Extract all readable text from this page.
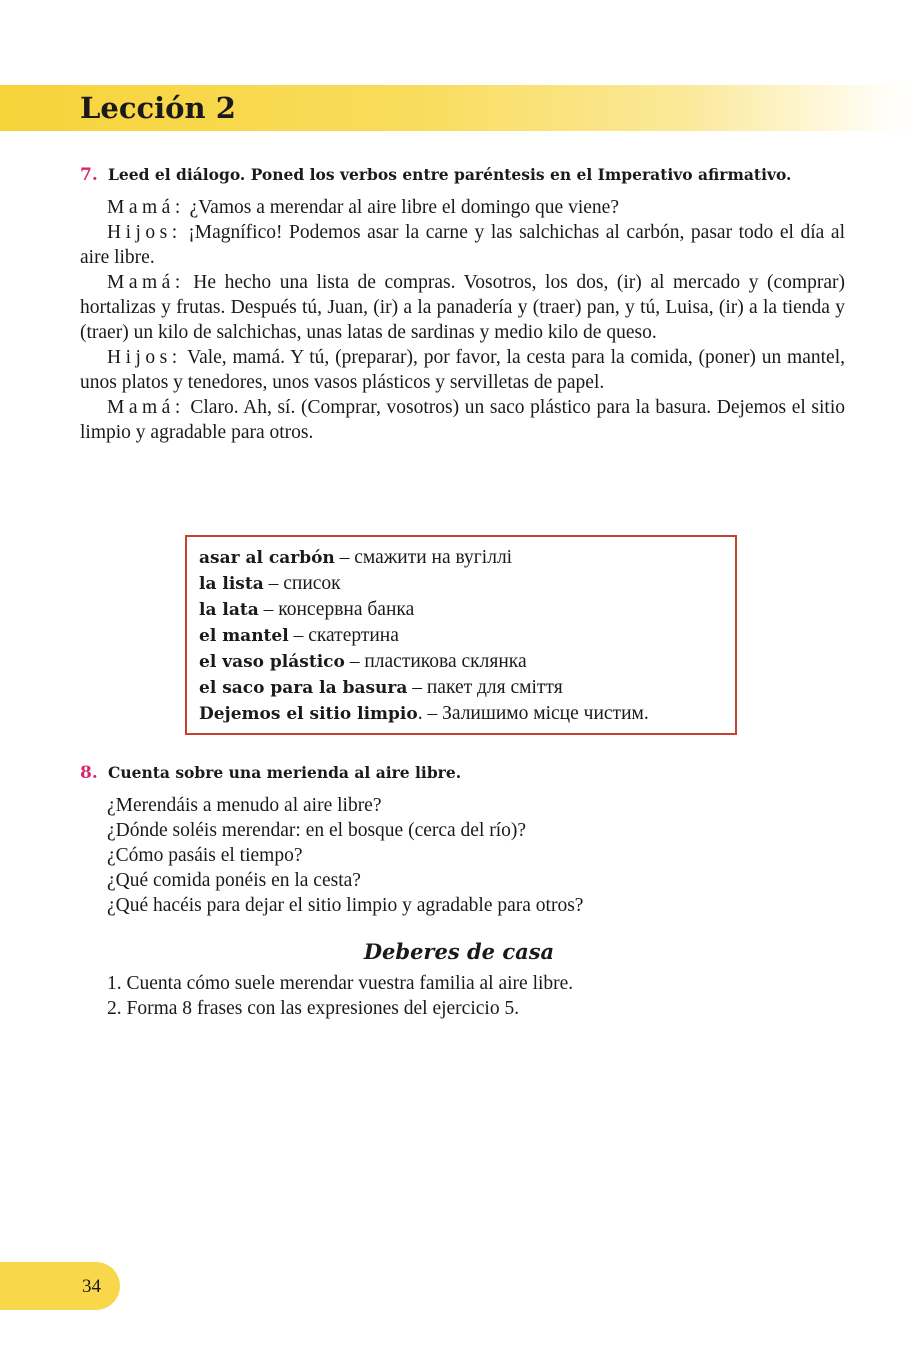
Lección 2
7. Leed el diálogo. Poned los verbos entre paréntesis en el Imperativo afirmativo.

Mamá: ¿Vamos a merendar al aire libre el domingo que viene?

Hijos: ¡Magnífico! Podemos asar la carne y las salchichas al carbón, pasar todo el día al aire libre.

Mamá: He hecho una lista de compras. Vosotros, los dos, (ir) al mercado y (comprar) hortalizas y frutas. Después tú, Juan, (ir) a la panadería y (traer) pan, y tú, Luisa, (ir) a la tienda y (traer) un kilo de salchichas, unas latas de sardinas y medio kilo de queso.

Hijos: Vale, mamá. Y tú, (preparar), por favor, la cesta para la comida, (poner) un mantel, unos platos y tenedores, unos vasos plásticos y servilletas de papel.

Mamá: Claro. Ah, sí. (Comprar, vosotros) un saco plástico para la basura. Dejemos el sitio limpio y agradable para otros.

asar al carbón – смажити на вугіллі
la lista – список
la lata – консервна банка
el mantel – скатертина
el vaso plástico – пластикова склянка
el saco para la basura – пакет для сміття
Dejemos el sitio limpio. – Залишимо місце чистим.
8. Cuenta sobre una merienda al aire libre.
¿Merendáis a menudo al aire libre?
¿Dónde soléis merendar: en el bosque (cerca del río)?
¿Cómo pasáis el tiempo?
¿Qué comida ponéis en la cesta?
¿Qué hacéis para dejar el sitio limpio y agradable para otros?
Deberes de casa
1. Cuenta cómo suele merendar vuestra familia al aire libre.
2. Forma 8 frases con las expresiones del ejercicio 5.
34
